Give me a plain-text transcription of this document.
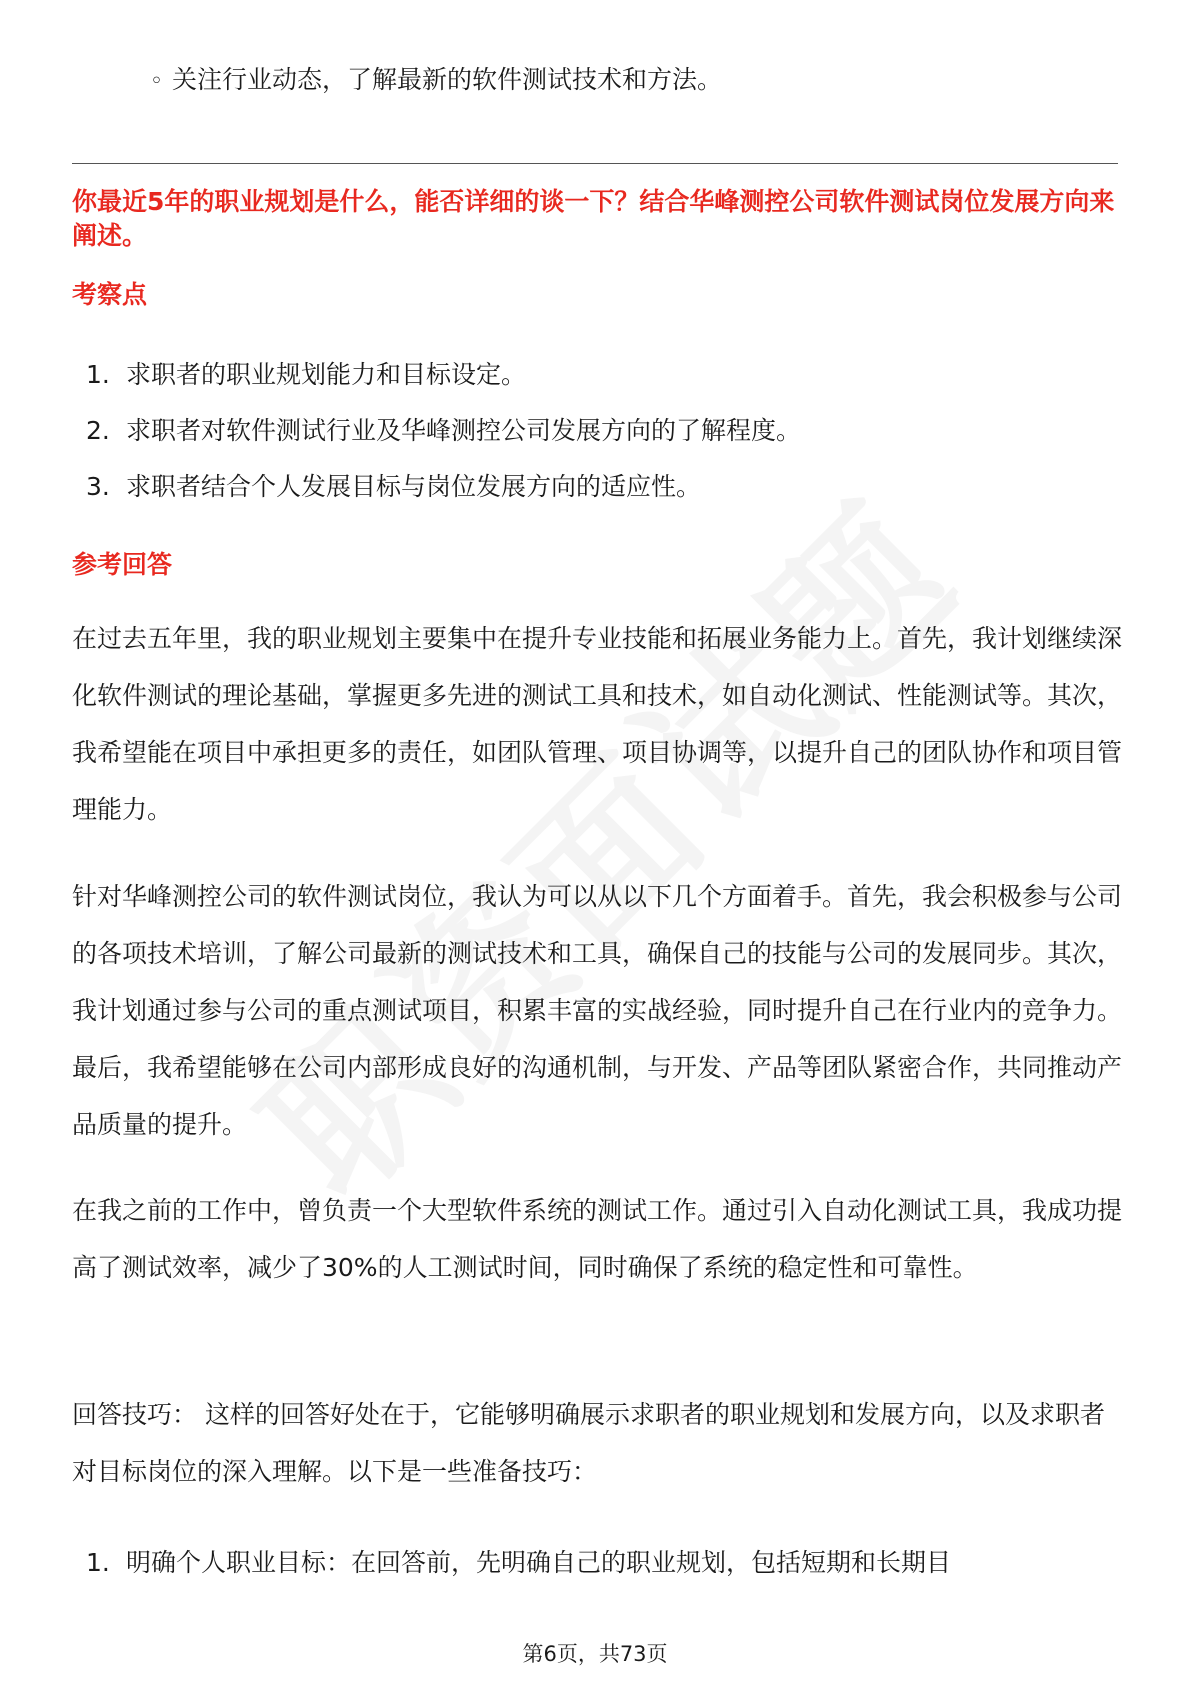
◦ 关注行业动态，了解最新的软件测试技术和方法。
你最近5年的职业规划是什么，能否详细的谈一下？结合华峰测控公司软件测试岗位发展方向来阐述。
考察点
1. 求职者的职业规划能力和目标设定。
2. 求职者对软件测试行业及华峰测控公司发展方向的了解程度。
3. 求职者结合个人发展目标与岗位发展方向的适应性。
参考回答

在过去五年里，我的职业规划主要集中在提升专业技能和拓展业务能力上。首先，我计划继续深化软件测试的理论基础，掌握更多先进的测试工具和技术，如自动化测试、性能测试等。其次，我希望能在项目中承担更多的责任，如团队管理、项目协调等，以提升自己的团队协作和项目管理能力。

针对华峰测控公司的软件测试岗位，我认为可以从以下几个方面着手。首先，我会积极参与公司的各项技术培训，了解公司最新的测试技术和工具，确保自己的技能与公司的发展同步。其次，我计划通过参与公司的重点测试项目，积累丰富的实战经验，同时提升自己在行业内的竞争力。最后，我希望能够在公司内部形成良好的沟通机制，与开发、产品等团队紧密合作，共同推动产品质量的提升。

在我之前的工作中，曾负责一个大型软件系统的测试工作。通过引入自动化测试工具，我成功提高了测试效率，减少了30%的人工测试时间，同时确保了系统的稳定性和可靠性。

回答技巧： 这样的回答好处在于，它能够明确展示求职者的职业规划和发展方向，以及求职者对目标岗位的深入理解。以下是一些准备技巧：

1. 明确个人职业目标：在回答前，先明确自己的职业规划，包括短期和长期目
第6页，共73页
